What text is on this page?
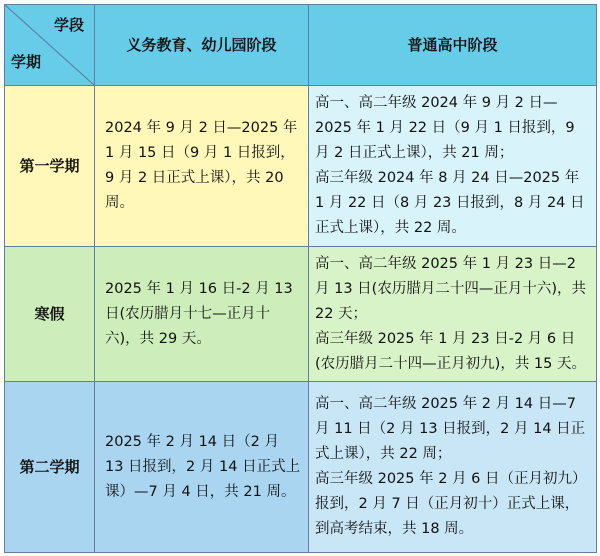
学段
学期	义务教育、幼儿园阶段	普通高中阶段
第一学期	2024 年 9 月 2 日—2025 年 1 月 15 日（9 月 1 日报到，9 月 2 日正式上课），共 20 周。	高一、高二年级 2024 年 9 月 2 日—2025 年 1 月 22 日（9 月 1 日报到，9 月 2 日正式上课），共 21 周；

高三年级 2024 年 8 月 24 日—2025 年 1 月 22 日（8 月 23 日报到，8 月 24 日正式上课），共 22 周。

寒假	2025 年 1 月 16 日-2 月 13 日(农历腊月十七—正月十六)，共 29 天。	高一、高二年级 2025 年 1 月 23 日—2 月 13 日(农历腊月二十四—正月十六)，共 22 天；

高三年级 2025 年 1 月 23 日-2 月 6 日(农历腊月二十四—正月初九)，共 15 天。

第二学期	2025 年 2 月 14 日（2 月 13 日报到，2 月 14 日正式上课）—7 月 4 日，共 21 周。	高一、高二年级 2025 年 2 月 14 日—7 月 11 日（2 月 13 日报到，2 月 14 日正式上课），共 22 周；

高三年级 2025 年 2 月 6 日（正月初九）报到，2 月 7 日（正月初十）正式上课，到高考结束，共 18 周。
